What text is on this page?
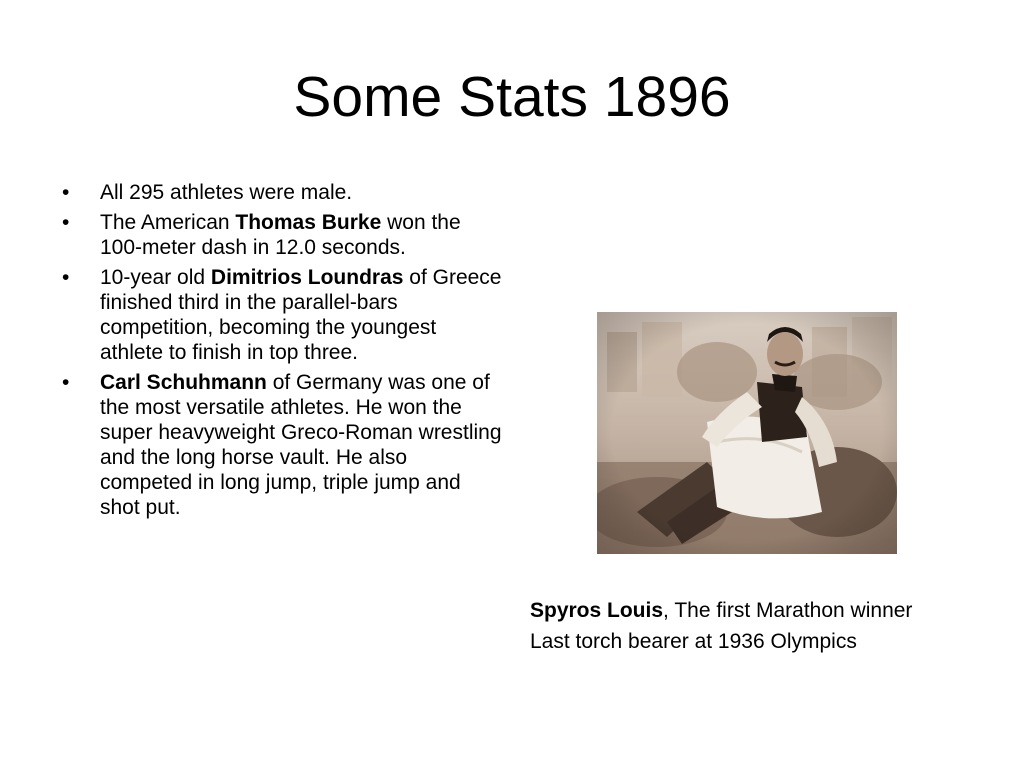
Some Stats 1896
• All 295 athletes were male.
• The American Thomas Burke won the 100-meter dash in 12.0 seconds.
• 10-year old Dimitrios Loundras of Greece finished third in the parallel-bars competition, becoming the youngest athlete to finish in top three.
• Carl Schuhmann of Germany was one of the most versatile athletes. He won the super heavyweight Greco-Roman wrestling and the long horse vault. He also competed in long jump, triple jump and shot put.
Spyros Louis, The first Marathon winner
Last torch bearer at 1936 Olympics
